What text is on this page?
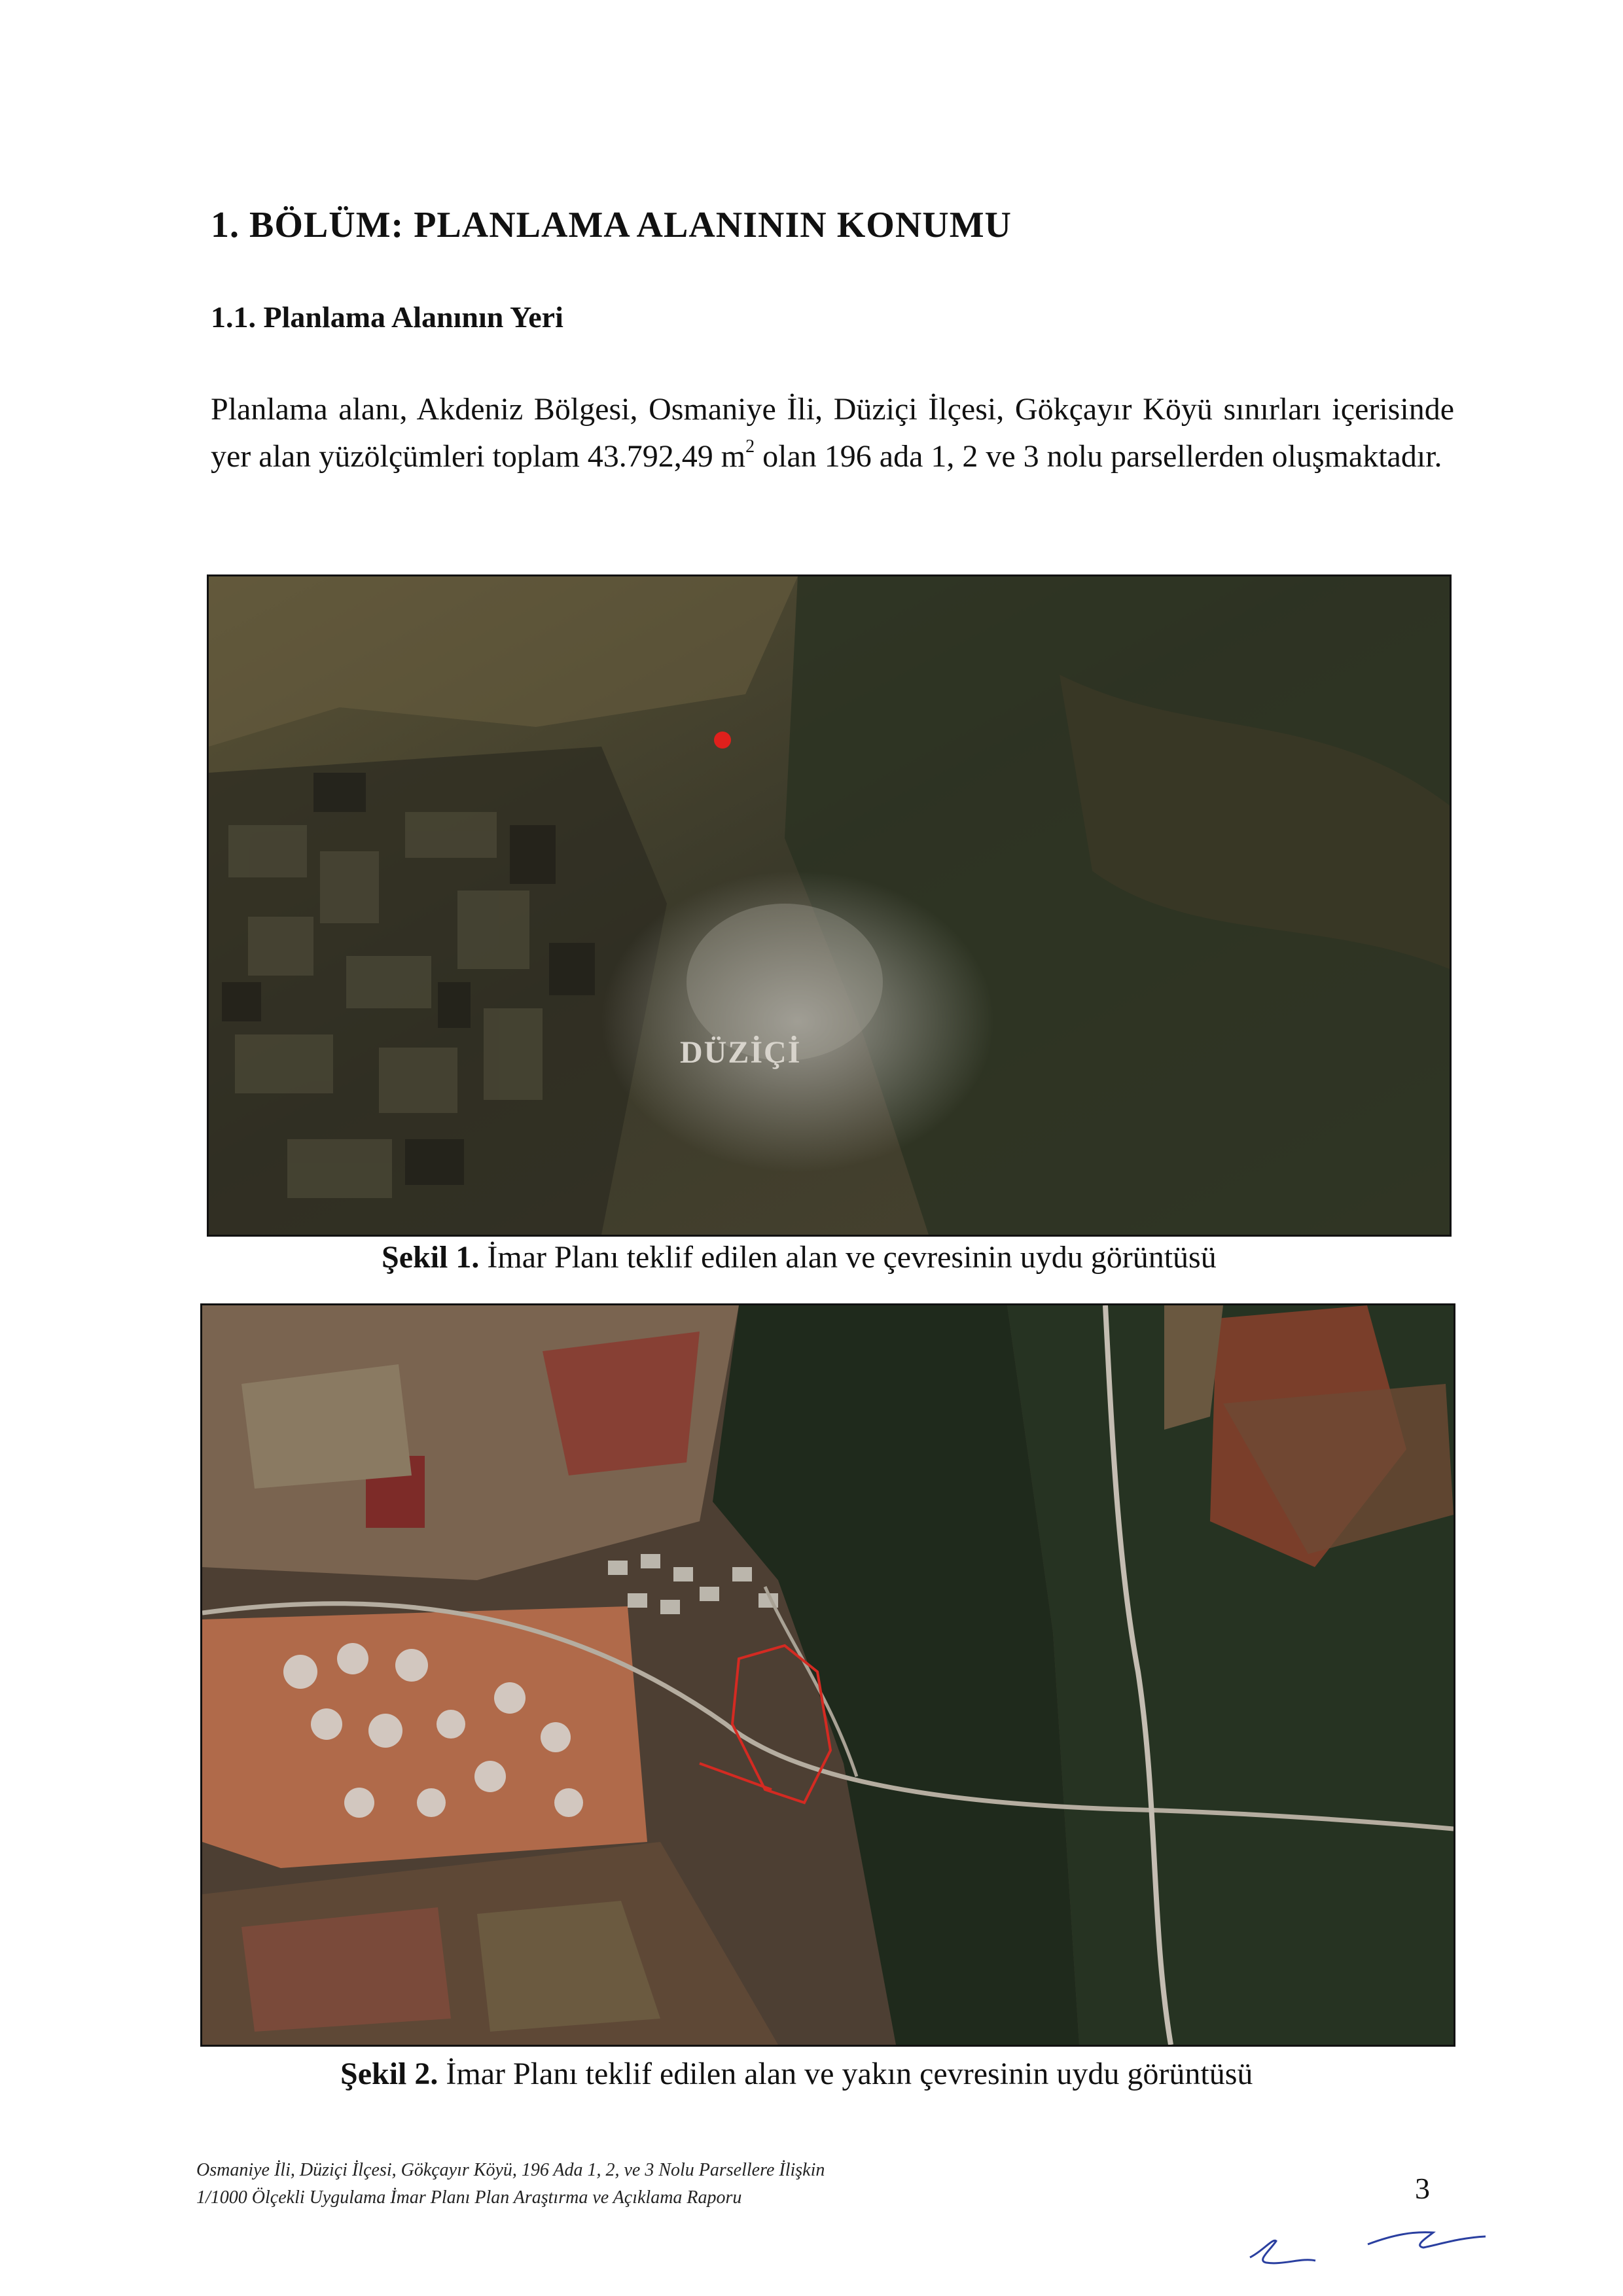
1. BÖLÜM: PLANLAMA ALANININ KONUMU
1.1. Planlama Alanının Yeri
Planlama alanı, Akdeniz Bölgesi, Osmaniye İli, Düziçi İlçesi, Gökçayır Köyü sınırları içerisinde yer alan yüzölçümleri toplam 43.792,49 $m^2$ olan 196 ada 1, 2 ve 3 nolu parsellerden oluşmaktadır.
DÜZİÇİ
Şekil 1. İmar Planı teklif edilen alan ve çevresinin uydu görüntüsü
Şekil 2. İmar Planı teklif edilen alan ve yakın çevresinin uydu görüntüsü
Osmaniye İli, Düziçi İlçesi, Gökçayır Köyü, 196 Ada 1, 2, ve 3 Nolu Parsellere İlişkin
1/1000 Ölçekli Uygulama İmar Planı Plan Araştırma ve Açıklama Raporu	3
